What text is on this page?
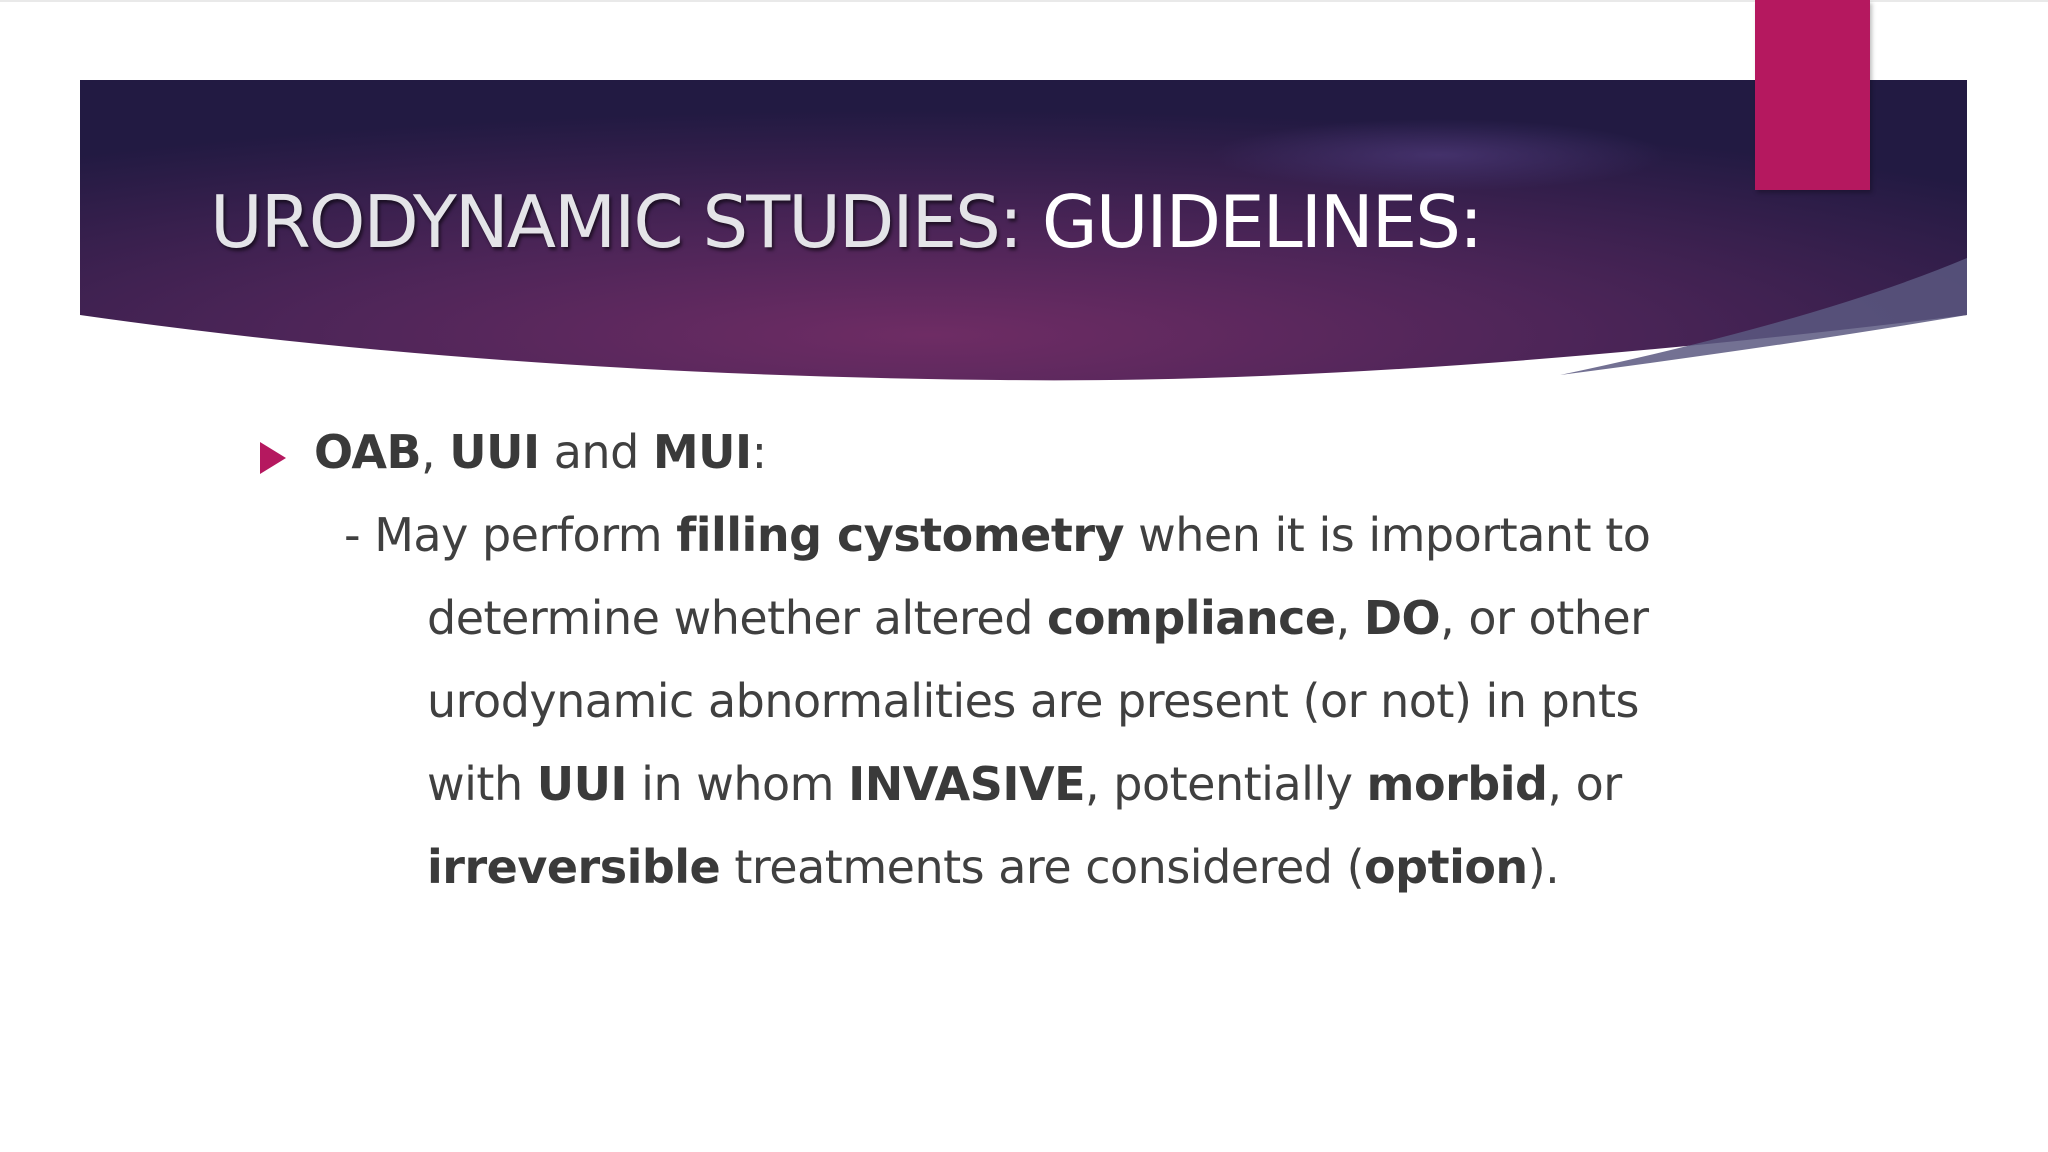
URODYNAMIC STUDIES: GUIDELINES:
OAB, UUI and MUI:
- May perform filling cystometry when it is important to
determine whether altered compliance, DO, or other
urodynamic abnormalities are present (or not) in pnts
with UUI in whom INVASIVE, potentially morbid, or
irreversible treatments are considered (option).
